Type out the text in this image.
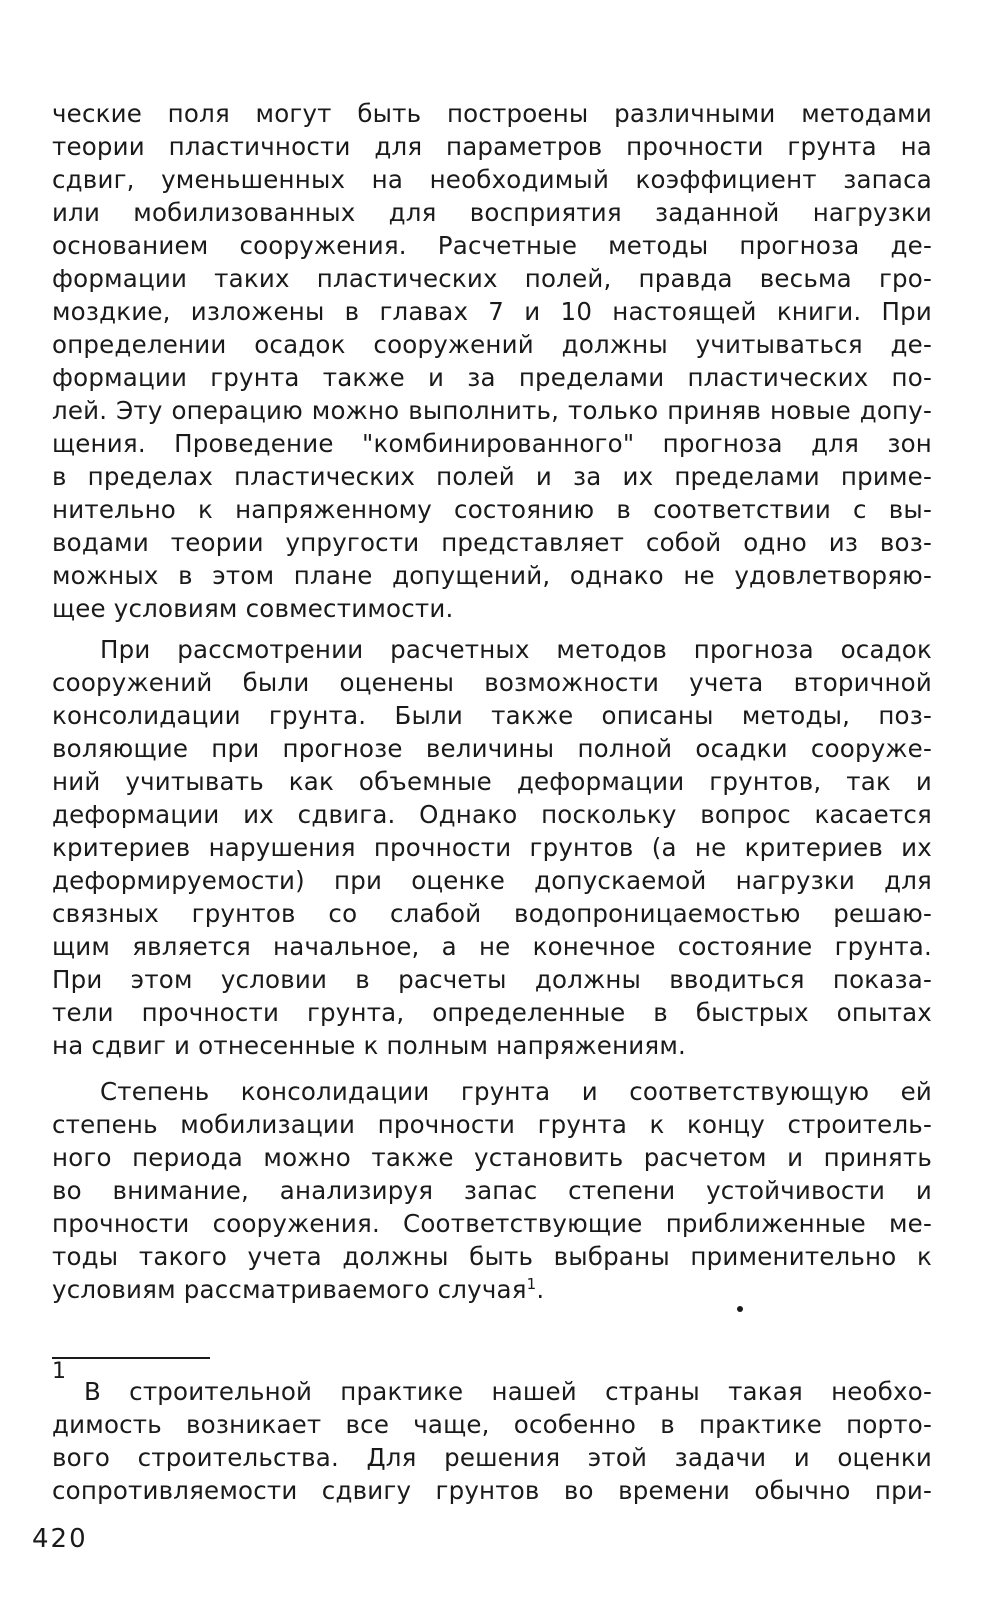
ческие поля могут быть построены различными методами
теории пластичности для параметров прочности грунта на
сдвиг, уменьшенных на необходимый коэффициент запаса
или мобилизованных для восприятия заданной нагрузки
основанием сооружения. Расчетные методы прогноза де-
формации таких пластических полей, правда весьма гро-
моздкие, изложены в главах 7 и 10 настоящей книги. При
определении осадок сооружений должны учитываться де-
формации грунта также и за пределами пластических по-
лей. Эту операцию можно выполнить, только приняв новые допу-
щения. Проведение "комбинированного" прогноза для зон
в пределах пластических полей и за их пределами приме-
нительно к напряженному состоянию в соответствии с вы-
водами теории упругости представляет собой одно из воз-
можных в этом плане допущений, однако не удовлетворяю-
щее условиям совместимости.
При рассмотрении расчетных методов прогноза осадок
сооружений были оценены возможности учета вторичной
консолидации грунта. Были также описаны методы, поз-
воляющие при прогнозе величины полной осадки сооруже-
ний учитывать как объемные деформации грунтов, так и
деформации их сдвига. Однако поскольку вопрос касается
критериев нарушения прочности грунтов (а не критериев их
деформируемости) при оценке допускаемой нагрузки для
связных грунтов со слабой водопроницаемостью решаю-
щим является начальное, а не конечное состояние грунта.
При этом условии в расчеты должны вводиться показа-
тели прочности грунта, определенные в быстрых опытах
на сдвиг и отнесенные к полным напряжениям.
Степень консолидации грунта и соответствующую ей
степень мобилизации прочности грунта к концу строитель-
ного периода можно также установить расчетом и принять
во внимание, анализируя запас степени устойчивости и
прочности сооружения. Соответствующие приближенные ме-
тоды такого учета должны быть выбраны применительно к
условиям рассматриваемого случая$^1$.
1
В строительной практике нашей страны такая необхо-
димость возникает все чаще, особенно в практике порто-
вого строительства. Для решения этой задачи и оценки
сопротивляемости сдвигу грунтов во времени обычно при-
420
